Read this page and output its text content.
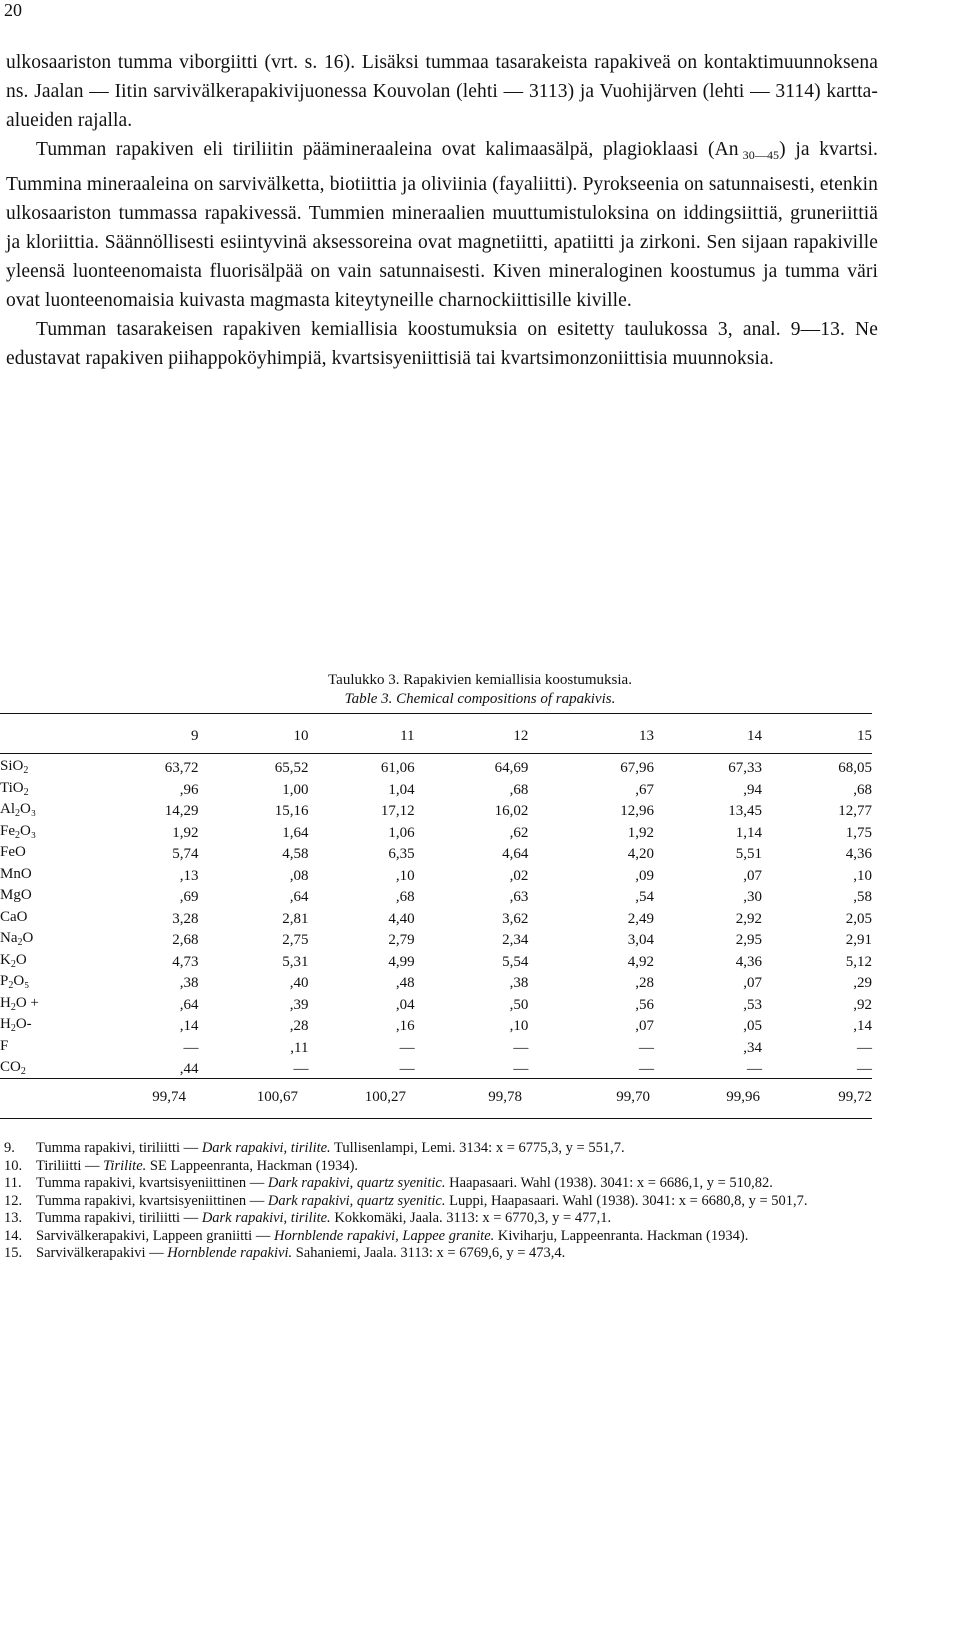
20

ulkosaariston tumma viborgiitti (vrt. s. 16). Lisäksi tummaa tasarakeista rapakiveä on kontaktimuunnoksena ns. Jaalan — Iitin sarvivälkerapakivijuonessa Kouvolan (lehti — 3113) ja Vuohijärven (lehti — 3114) kartta-alueiden rajalla.

Tumman rapakiven eli tiriliitin päämineraaleina ovat kalimaasälpä, plagioklaasi (An  $_{30—45}$) ja kvartsi. Tummina mineraaleina on sarvivälketta, biotiittia ja oliviinia (fayaliitti). Pyrokseenia on satunnaisesti, etenkin ulkosaariston tummassa rapakivessä. Tummien mineraalien muuttumistuloksina on iddingsiittiä, gruneriittiä ja kloriittia. Säännöllisesti esiintyvinä aksessoreina ovat magnetiitti, apatiitti ja zirkoni. Sen sijaan rapakiville yleensä luonteenomaista fluorisälpää on vain satunnaisesti. Kiven mineraloginen koostumus ja tumma väri ovat luonteenomaisia kuivasta magmasta kiteytyneille charnockiittisille kiville.

Tumman tasarakeisen rapakiven kemiallisia koostumuksia on esitetty taulukossa 3, anal. 9—13. Ne edustavat rapakiven piihappoköyhimpiä, kvartsisyeniittisiä tai kvartsimonzoniittisia muunnoksia.

Taulukko 3. Rapakivien kemiallisia koostumuksia.
Table 3. Chemical compositions of rapakivis.
	9	10	11	12	13	14	15
SiO$_2$	63,72	65,52	61,06	64,69	67,96	67,33	68,05
TiO$_2$	,96	1,00	1,04	,68	,67	,94	,68
$Al_2O_3$	14,29	15,16	17,12	16,02	12,96	13,45	12,77
$Fe_2O_3$	1,92	1,64	1,06	,62	1,92	1,14	1,75
FeO	5,74	4,58	6,35	4,64	4,20	5,51	4,36
MnO	,13	,08	,10	,02	,09	,07	,10
MgO	,69	,64	,68	,63	,54	,30	,58
CaO	3,28	2,81	4,40	3,62	2,49	2,92	2,05
$Na_2O$	2,68	2,75	2,79	2,34	3,04	2,95	2,91
$K_2O$	4,73	5,31	4,99	5,54	4,92	4,36	5,12
$P_2O_5$	,38	,40	,48	,38	,28	,07	,29
$H_2O$ +	,64	,39	,04	,50	,56	,53	,92
$H_2O-$	,14	,28	,16	,10	,07	,05	,14
F	—	,11	—	—	—	,34	—
$CO_2$	,44	—	—	—	—	—	—
	99,74	100,67	100,27	99,78	99,70	99,96	99,72
9. Tumma rapakivi, tiriliitti — Dark rapakivi, tirilite. Tullisenlampi, Lemi. 3134: x = 6775,3, y = 551,7.
10. Tiriliitti — Tirilite. SE Lappeenranta, Hackman (1934).
11. Tumma rapakivi, kvartsisyeniittinen — Dark rapakivi, quartz syenitic. Haapasaari. Wahl (1938). 3041: x = 6686,1, y = 510,82.
12. Tumma rapakivi, kvartsisyeniittinen — Dark rapakivi, quartz syenitic. Luppi, Haapasaari. Wahl (1938). 3041: x = 6680,8, y = 501,7.
13. Tumma rapakivi, tiriliitti — Dark rapakivi, tirilite. Kokkomäki, Jaala. 3113: x = 6770,3, y = 477,1.
14. Sarvivälkerapakivi, Lappeen graniitti — Hornblende rapakivi, Lappee granite. Kiviharju, Lappeenranta. Hackman (1934).
15. Sarvivälkerapakivi — Hornblende rapakivi. Sahaniemi, Jaala. 3113: x = 6769,6, y = 473,4.
